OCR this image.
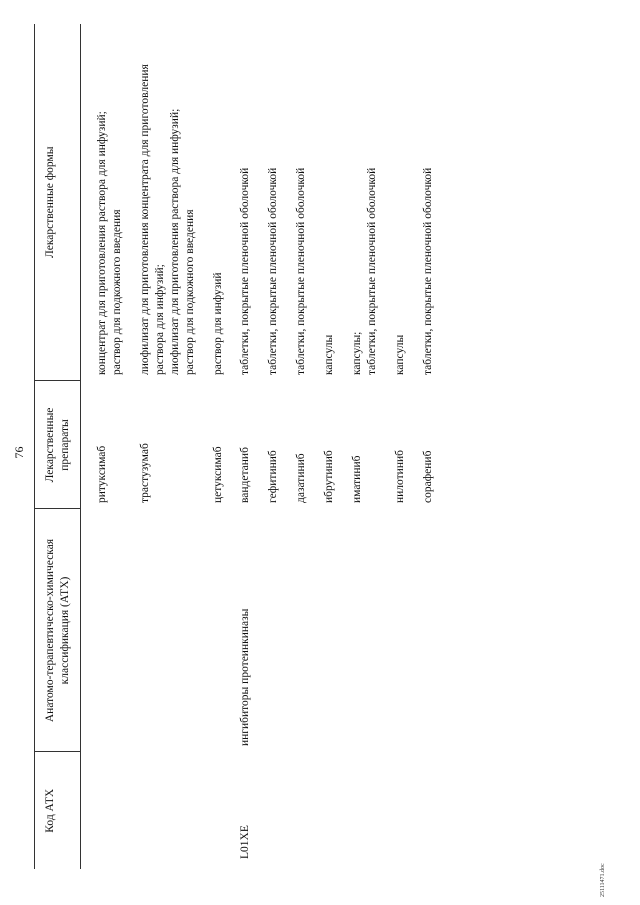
76
Код АТХ	Анатомо-терапевтическо-химическая классификация (АТХ)	Лекарственные препараты	Лекарственные формы
		ритуксимаб	концентрат для приготовления раствора для инфузий; раствор для подкожного введения

		трастузумаб	лиофилизат для приготовления концентрата для приготовления раствора для инфузий; лиофилизат для приготовления раствора для инфузий; раствор для подкожного введения

		цетуксимаб	раствор для инфузий

L01XE	ингибиторы протеинкиназы	вандетаниб	таблетки, покрытые пленочной оболочкой

		гефитиниб	таблетки, покрытые пленочной оболочкой

		дазатиниб	таблетки, покрытые пленочной оболочкой

		ибрутиниб	капсулы

		иматиниб	капсулы; таблетки, покрытые пленочной оболочкой

		нилотиниб	капсулы

		сорафениб	таблетки, покрытые пленочной оболочкой
25111471.doc
